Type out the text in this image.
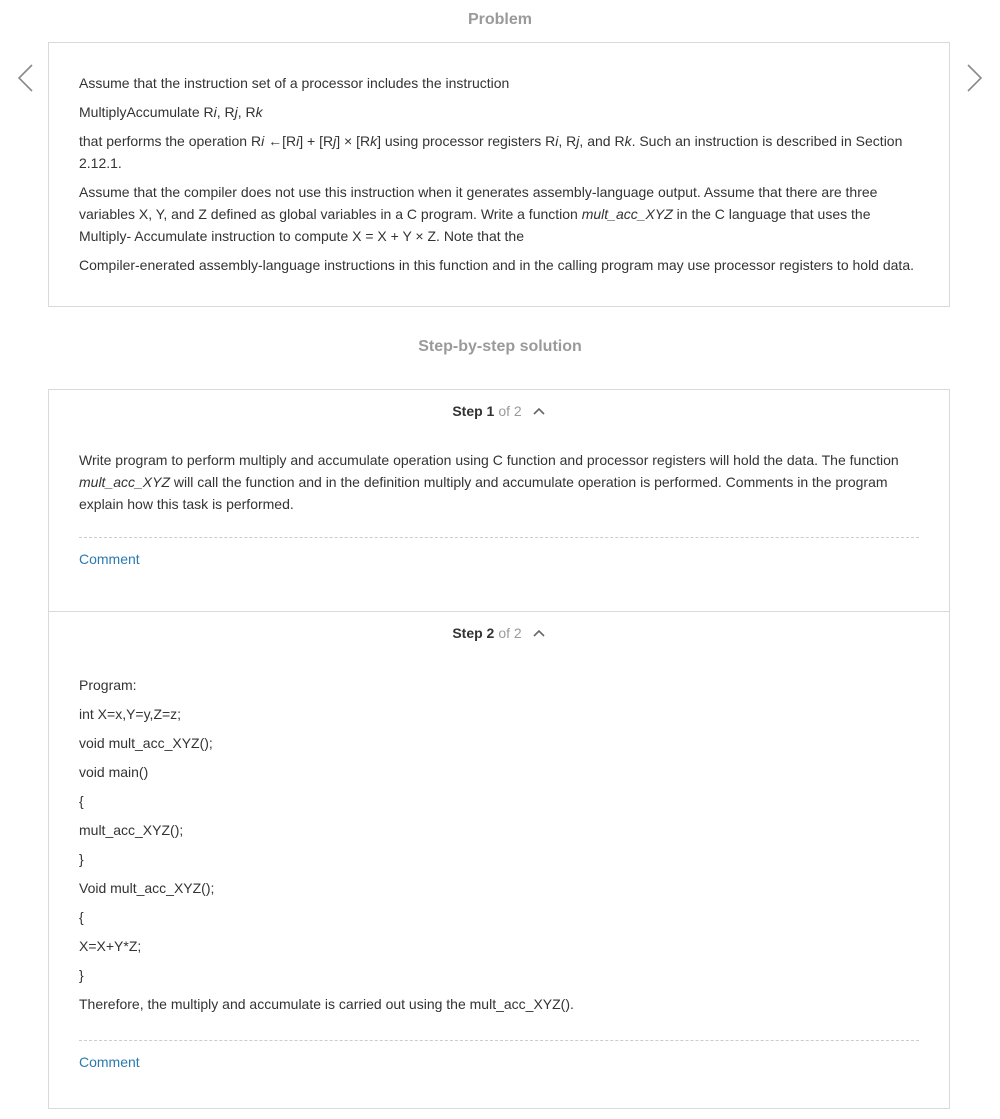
Problem

Assume that the instruction set of a processor includes the instruction

MultiplyAccumulate Ri, Rj, Rk

that performs the operation Ri ←[Ri] + [Rj] × [Rk] using processor registers Ri, Rj, and Rk. Such an instruction is described in Section 2.12.1.

Assume that the compiler does not use this instruction when it generates assembly-language output. Assume that there are three variables X, Y, and Z defined as global variables in a C program. Write a function mult_acc_XYZ in the C language that uses the Multiply- Accumulate instruction to compute X = X + Y × Z. Note that the

Compiler-enerated assembly-language instructions in this function and in the calling program may use processor registers to hold data.

Step-by-step solution
Step 1 of 2

Write program to perform multiply and accumulate operation using C function and processor registers will hold the data. The function mult_acc_XYZ will call the function and in the definition multiply and accumulate operation is performed. Comments in the program explain how this task is performed.

Comment
Step 2 of 2

Program:

int X=x,Y=y,Z=z;

void mult_acc_XYZ();

void main()

{

mult_acc_XYZ();

}

Void mult_acc_XYZ();

{

X=X+Y*Z;

}

Therefore, the multiply and accumulate is carried out using the mult_acc_XYZ().

Comment
